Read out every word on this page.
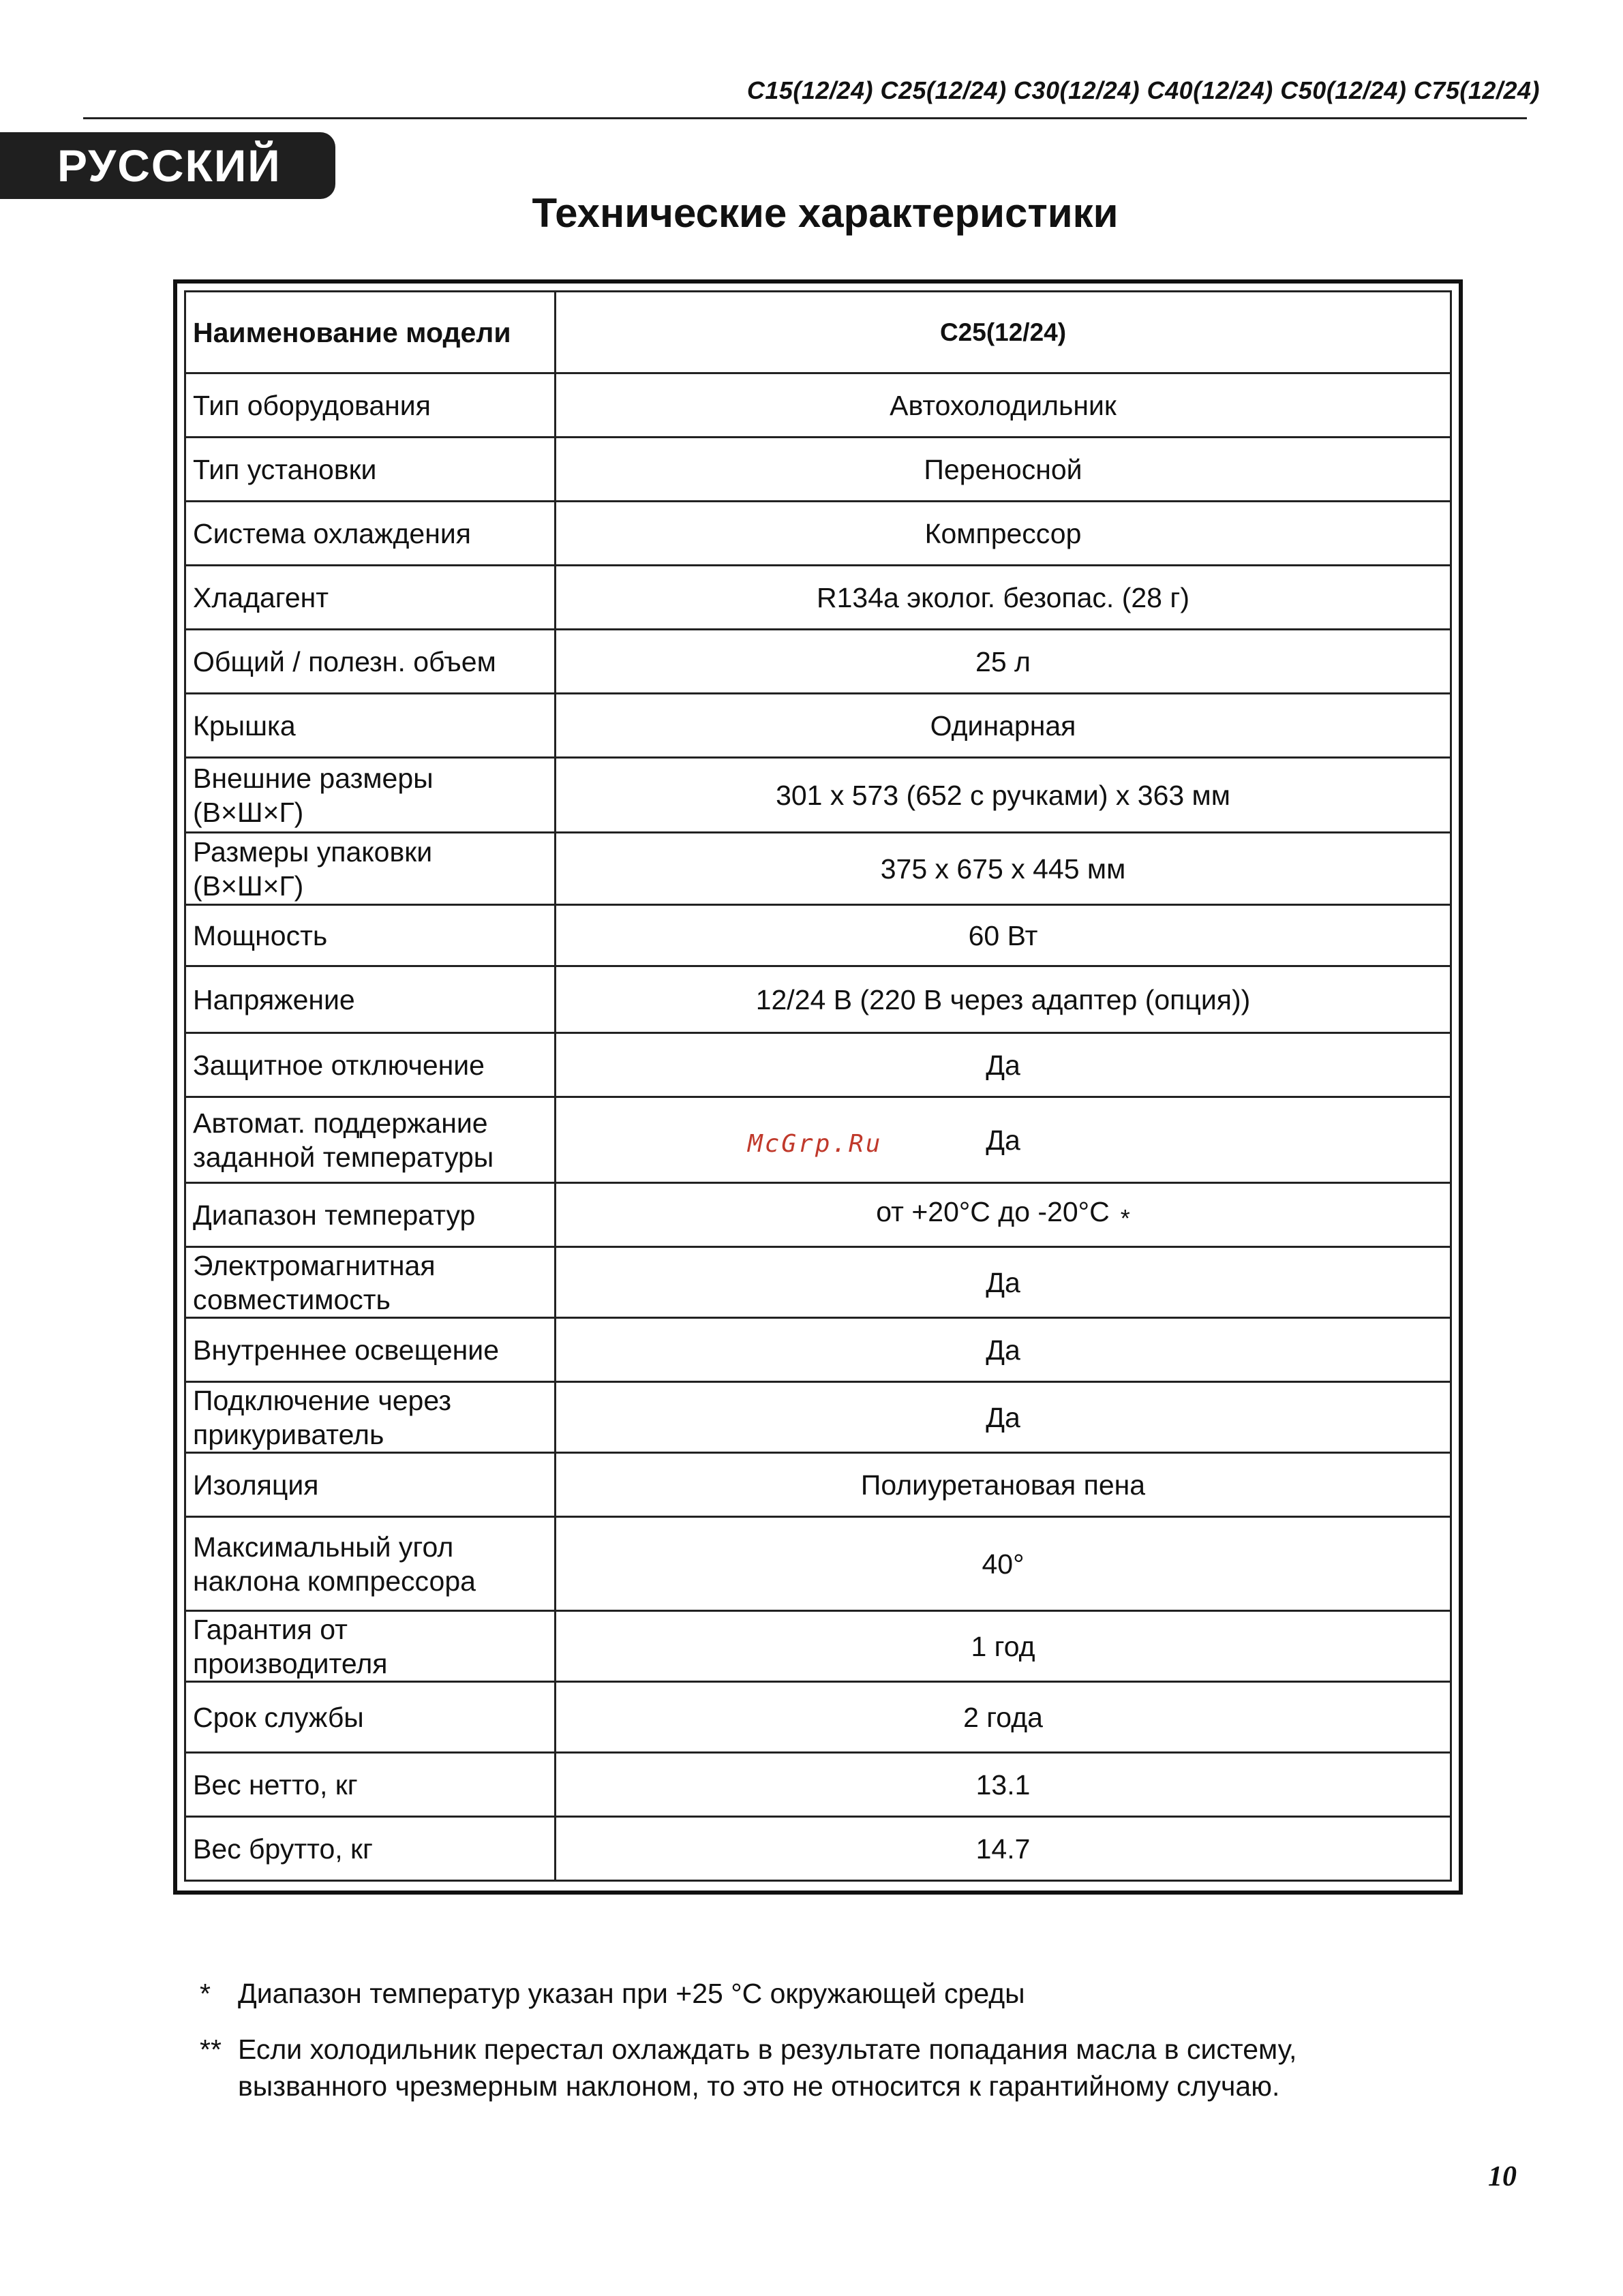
C15(12/24) C25(12/24) C30(12/24) C40(12/24) C50(12/24) C75(12/24)
РУССКИЙ
Технические характеристики
Наименование модели	C25(12/24)
Тип оборудования	Автохолодильник
Тип установки	Переносной
Система охлаждения	Компрессор
Хладагент	R134a эколог. безопас. (28 г)
Общий / полезн. объем	25 л
Крышка	Одинарная
Внешние размеры (В×Ш×Г)	301 x 573 (652 с ручками) x 363 мм
Размеры упаковки (В×Ш×Г)	375 x 675 x 445 мм
Мощность	60 Вт
Напряжение	12/24 В (220 В через адаптер (опция))
Защитное отключение	Да
Автомат. поддержание заданной температуры	Да
Диапазон температур	от +20°C до -20°C *
Электромагнитная совместимость	Да
Внутреннее освещение	Да
Подключение через прикуриватель	Да
Изоляция	Полиуретановая пена
Максимальный угол наклона компрессора	40°
Гарантия от производителя	1 год
Срок службы	2 года
Вес нетто, кг	13.1
Вес брутто, кг	14.7
McGrp.Ru
* Диапазон температур указан при +25 °C окружающей среды
** Если холодильник перестал охлаждать в результате попадания масла в систему, вызванного чрезмерным наклоном, то это не относится к гарантийному случаю.
10
